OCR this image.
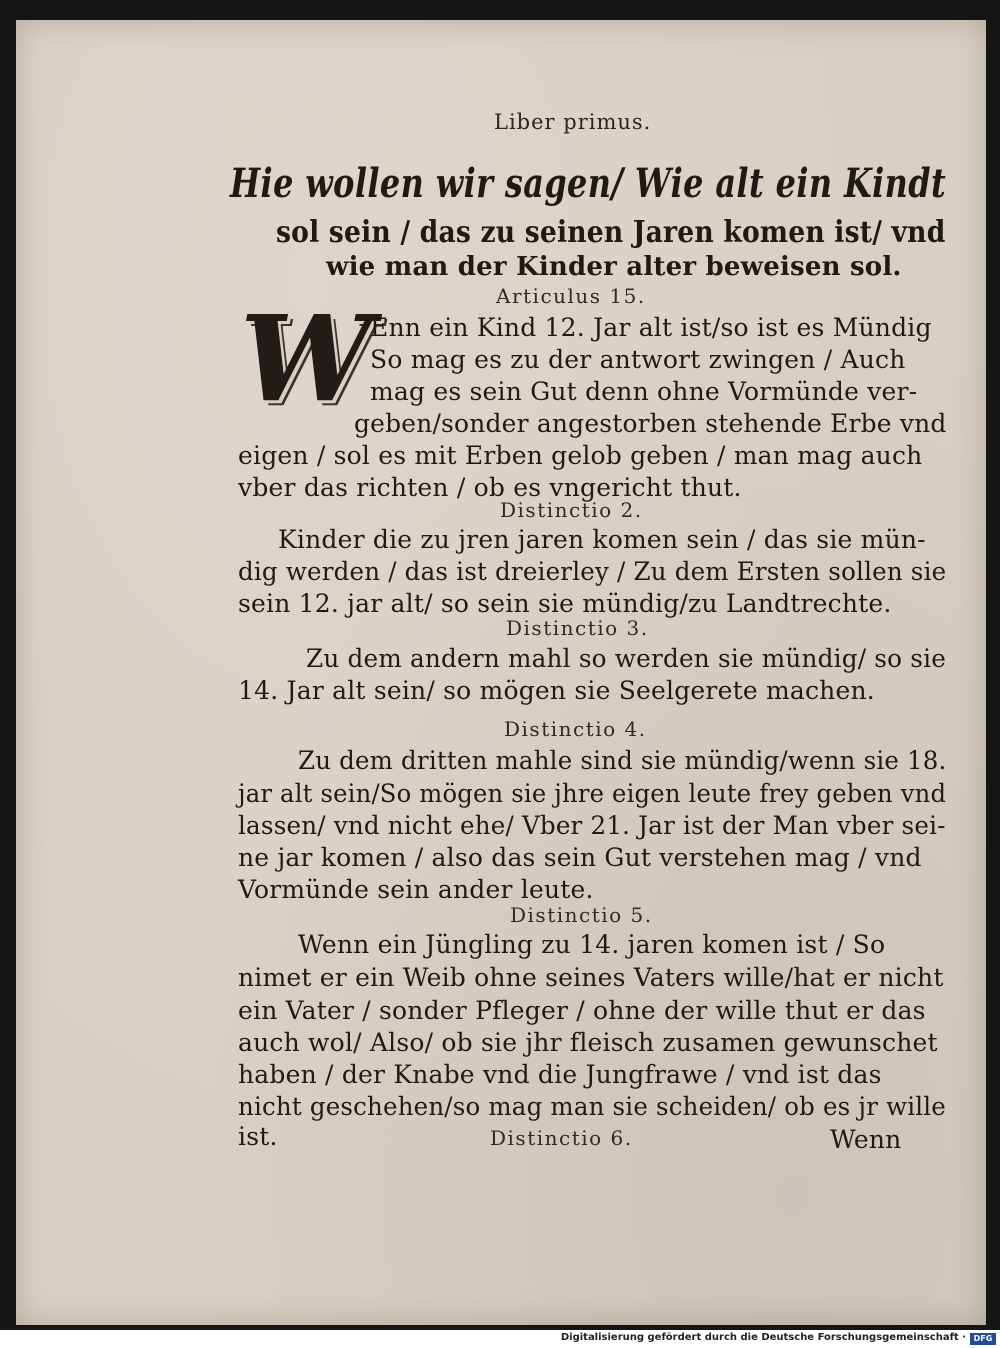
Liber primus.
Hie wollen wir sagen/ Wie alt ein Kindt
sol sein / das zu seinen Jaren komen ist/ vnd
wie man der Kinder alter beweisen sol.
Articulus 15.
W
Enn ein Kind 12. Jar alt ist/so ist es Mündig
So mag es zu der antwort zwingen / Auch
mag es sein Gut denn ohne Vormünde ver-
geben/sonder angestorben stehende Erbe vnd
eigen / sol es mit Erben gelob geben / man mag auch
vber das richten / ob es vngericht thut.
Distinctio 2.
Kinder die zu jren jaren komen sein / das sie mün-
dig werden / das ist dreierley / Zu dem Ersten sollen sie
sein 12. jar alt/ so sein sie mündig/zu Landtrechte.
Distinctio 3.
Zu dem andern mahl so werden sie mündig/ so sie
14. Jar alt sein/ so mögen sie Seelgerete machen.
Distinctio 4.
Zu dem dritten mahle sind sie mündig/wenn sie 18.
jar alt sein/So mögen sie jhre eigen leute frey geben vnd
lassen/ vnd nicht ehe/ Vber 21. Jar ist der Man vber sei-
ne jar komen / also das sein Gut verstehen mag / vnd
Vormünde sein ander leute.
Distinctio 5.
Wenn ein Jüngling zu 14. jaren komen ist / So
nimet er ein Weib ohne seines Vaters wille/hat er nicht
ein Vater / sonder Pfleger / ohne der wille thut er das
auch wol/ Also/ ob sie jhr fleisch zusamen gewunschet
haben / der Knabe vnd die Jungfrawe / vnd ist das
nicht geschehen/so mag man sie scheiden/ ob es jr wille
ist.	Distinctio 6.	Wenn
Digitalisierung gefördert durch die Deutsche Forschungsgemeinschaft · DFG
